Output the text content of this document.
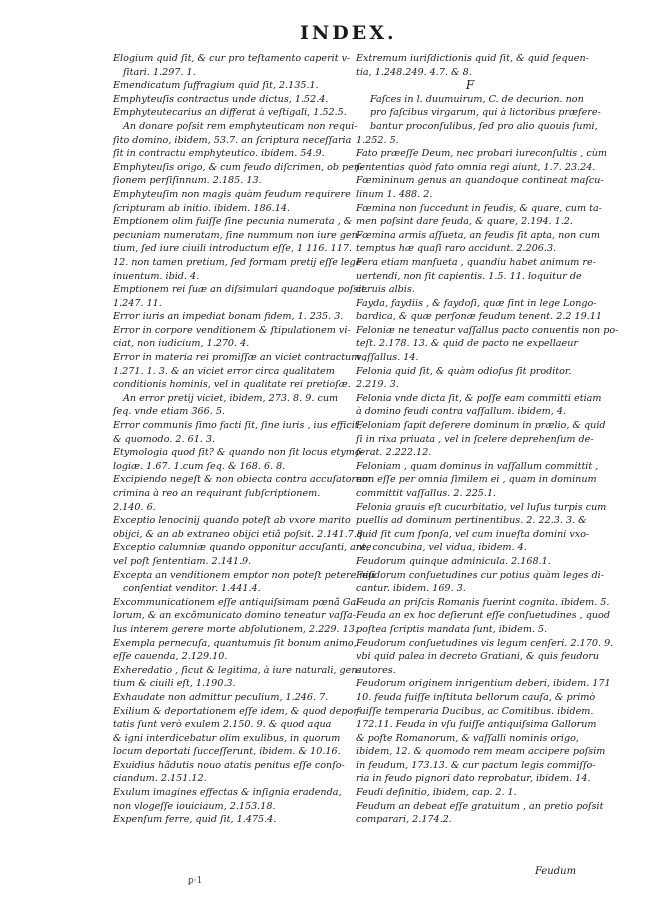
INDEX.

Elogium quid ſit, & cur pro teſtamento caperit v-

ſitari. 1.297. 1.

Emendicatum ſuffragium quid ſit, 2.135.1.

Emphyteuſis contractus unde dictus, 1.52.4.

Emphyteutecarius an differat à veſtigali, 1.52.5.

An donare poſsit rem emphyteuticam non requi-

ſito domino, ibidem, 53.7. an ſcriptura neceſſaria

ſit in contractu emphyteutico. ibidem. 54.9.

Emphyteuſis origo, & cum feudo diſcrimen, ob pen-

ſionem perſiſinnum. 2.185. 13.

Emphyteuſim non magis quàm feudum requirere

ſcripturam ab initio. ibidem. 186.14.

Emptionem olim fuiſſe ſine pecunia numerata , &

pecuniam numeratam, ſine nummum non iure gen-

tium, ſed iure ciuili introductum eſſe, 1 116. 117.

12. non tamen pretium, ſed formam pretij eſſe lege

inuentum. ibid. 4.

Emptionem rei ſuæ an diſsimulari quandoque poſsit.

1.247. 11.

Error iuris an impediat bonam fidem, 1. 235. 3.

Error in corpore venditionem & ſtipulationem vi-

ciat, non iudicium, 1.270. 4.

Error in materia rei promiſſæ an viciet contractum ,

1.271. 1. 3. & an viciet error circa qualitatem

conditionis hominis, vel in qualitate rei pretioſæ.

An error pretij viciet, ibidem, 273. 8. 9. cum

ſeq. vnde etiam 366. 5.

Error communis ſimo facti ſit, ſine iuris , ius efficit,

& quomodo. 2. 61. 3.

Etymologia quod ſit? & quando non ſit locus etymo-

logiæ. 1.67. 1.cum ſeq. & 168. 6. 8.

Excipiendo negeſt & non obiecta contra accuſatorem

crimina à reo an requirant ſubſcriptionem.

2.140. 6.

Exceptio lenocinij quando poteſt ab vxore marito

obijci, & an ab extraneo obijci etiã poſsit. 2.141.7.8

Exceptio calumniæ quando opponitur accuſanti, ante

vel poſt ſententiam. 2.141.9.

Excepta an venditionem emptor non poteſt petere niſi

conſentiat venditor. 1.441.4.

Excommunicationem eſſe antiquiſsimam pœnã Gal-

lorum, & an excõmunicato domino teneatur vaſſa-

lus interem gerere morte abſolutionem, 2.229. 13.

Exempla pernecuſa, quantumuis ſit bonum animo,

eſſe cauenda, 2.129.10.

Exheredatio , ſicut & legitima, à iure naturali, gen-

tium & ciuili eſt, 1.190.3.

Exhaudate non admittur peculium, 1.246. 7.

Exilium & deportationem eſſe idem, & quod depor-

tatis ſunt verò exulem 2.150. 9. & quod aqua

& igni interdicebatur olim exulibus, in quorum

locum deportati ſucceſſerunt, ibidem. & 10.16.

Exuidius hãdutis nouo atatis penitus eſſe conſo-

ciandum. 2.151.12.

Exulum imagines effectas & inſignia eradenda,

non vlogeſſe iouiciaum, 2.153.18.

Expenſum ferre, quid ſit, 1.475.4.

Extremum iuriſdictionis quid ſit, & quid ſequen-

tia, 1.248.249. 4.7. & 8.

F

Faſces in l. duumuirum, C. de decurion. non

pro faſcibus virgarum, qui à lictoribus præfere-

bantur proconſulibus, ſed pro alio quouis ſumi,

1.252. 5.

Fato præeſſe Deum, nec probari iureconſultis , cùm

ſententias quòd fato omnia regi aiunt, 1.7. 23.24.

Fœmininum genus an quandoque contineat maſcu-

linum 1. 488. 2.

Fœmina non ſuccedunt in feudis, & quare, cum ta-

men poſsint dare feuda, & quare, 2.194. 1.2.

Fœmina armis aſſueta, an feudis ſit apta, non cum

temptus hæ quaſi raro accidunt. 2.206.3.

Fera etiam manſueta , quandiu habet animum re-

uertendi, non ſit capientis. 1.5. 11. loquitur de

ceruis albis.

Fayda, faydiis , & faydoſi, quæ ſint in lege Longo-

bardica, & quæ perſonæ feudum tenent. 2.2 19.11

Feloniæ ne teneatur vaſſallus pacto conuentis non po-

teſt. 2.178. 13. & quid de pacto ne expellaeur

vaſſallus. 14.

Felonia quid ſit, & quàm odioſus ſit proditor.

2.219. 3.

Felonia vnde dicta ſit, & poſſe eam committi etiam

à domino feudi contra vaſſallum. ibidem, 4.

Feloniam ſapit deſerere dominum in prælio, & quid

ſi in rixa priuata , vel in ſcelere deprehenſum de-

ſerat. 2.222.12.

Feloniam , quam dominus in vaſſallum committit ,

non eſſe per omnia ſimilem ei , quam in dominum

committit vaſſallus. 2. 225.1.

Felonia grauis eſt cucurbitatio, vel luſus turpis cum

puellis ad dominum pertinentibus. 2. 22.3. 3. &

quid ſit cum ſponſa, vel cum inueſta domini vxo-

re, concubina, vel vidua, ibidem. 4.

Feudorum quinque adminicula. 2.168.1.

Feudorum conſuetudines cur potius quàm leges di-

cantur. ibidem. 169. 3.

Feuda an priſcis Romanis fuerint cognita. ibidem. 5.

Feuda an ex hoc deſierunt eſſe conſuetudines , quod

poſtea ſcriptis mandata ſunt, ibidem. 5.

Feudorum conſuetudines vis legum cenſeri. 2.170. 9.

vbi quid palea in decreto Gratiani, & quis feudoru

autores.

Feudorum originem inrigentium deberi, ibidem. 171

10. feuda fuiſſe inſtituta bellorum cauſa, & primò

fuiſſe temperaria Ducibus, ac Comitibus. ibidem.

172.11. Feuda in vſu fuiſſe antiquiſsima Gallorum

& poſte Romanorum, & vaſſalli nominis origo,

ibidem, 12. & quomodo rem meam accipere poſsim

in feudum, 173.13. & cur pactum legis commiſſo-

ria in feudo pignori dato reprobatur, ibidem. 14.

Feudi deſinitio, ibidem, cap. 2. 1.

Feudum an debeat eſſe gratuitum , an pretio poſsit

comparari, 2.174.2.

Feudum
ꝑ·1
